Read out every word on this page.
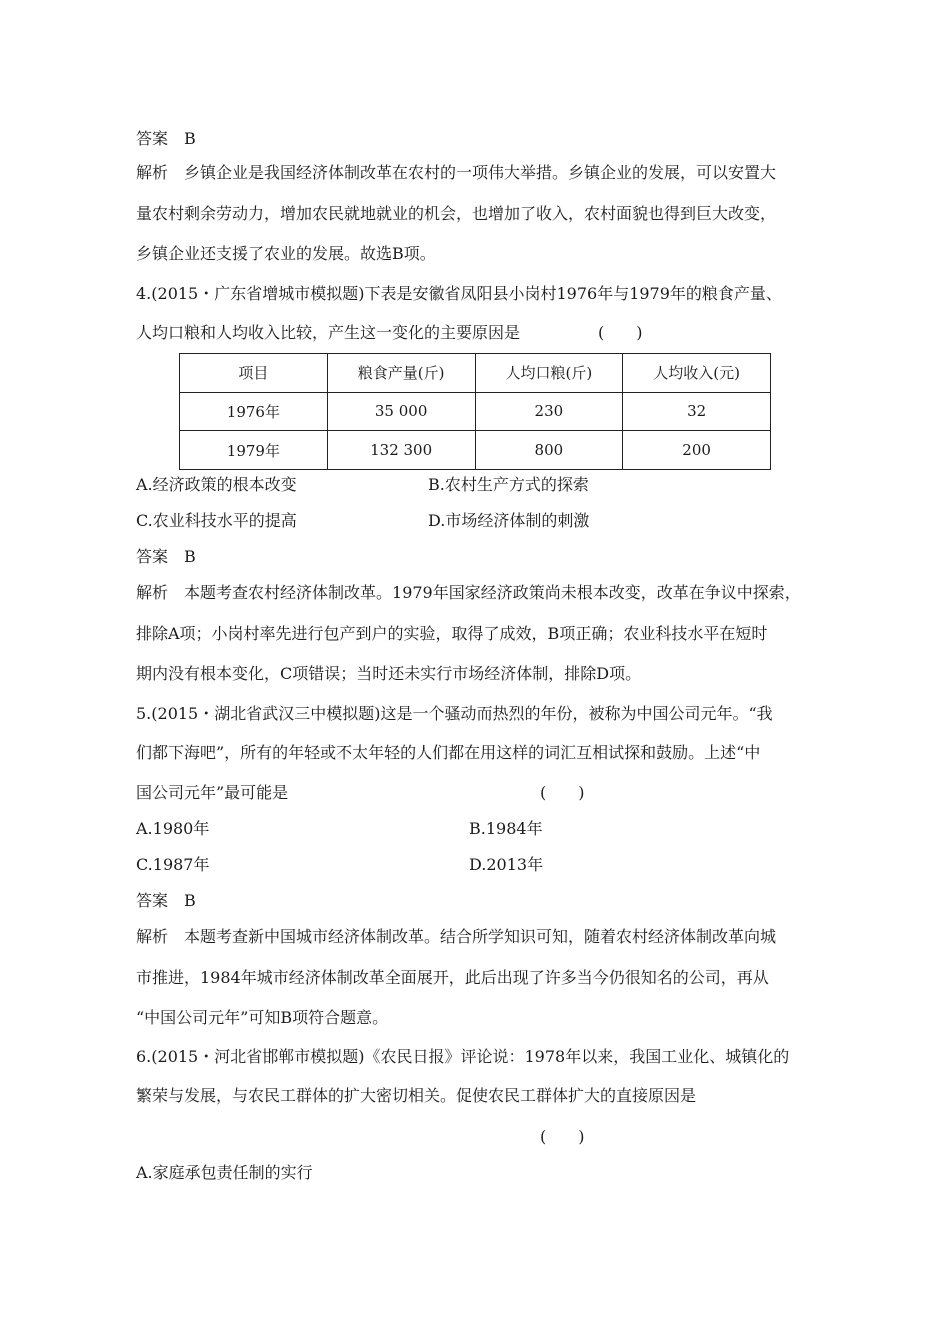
答案 B
解析 乡镇企业是我国经济体制改革在农村的一项伟大举措。乡镇企业的发展，可以安置大
量农村剩余劳动力，增加农民就地就业的机会，也增加了收入，农村面貌也得到巨大改变，
乡镇企业还支援了农业的发展。故选B项。
4.(2015・广东省增城市模拟题)下表是安徽省凤阳县小岗村1976年与1979年的粮食产量、
人均口粮和人均收入比较，产生这一变化的主要原因是	(　　)
项目	粮食产量(斤)	人均口粮(斤)	人均收入(元)
1976年	35 000	230	32
1979年	132 300	800	200
A.经济政策的根本改变	B.农村生产方式的探索
C.农业科技水平的提高	D.市场经济体制的刺激
答案 B
解析 本题考查农村经济体制改革。1979年国家经济政策尚未根本改变，改革在争议中探索，
排除A项；小岗村率先进行包产到户的实验，取得了成效，B项正确；农业科技水平在短时
期内没有根本变化，C项错误；当时还未实行市场经济体制，排除D项。
5.(2015・湖北省武汉三中模拟题)这是一个骚动而热烈的年份，被称为中国公司元年。“我
们都下海吧”，所有的年轻或不太年轻的人们都在用这样的词汇互相试探和鼓励。上述“中
国公司元年”最可能是	(　　)
A.1980年	B.1984年
C.1987年	D.2013年
答案 B
解析 本题考查新中国城市经济体制改革。结合所学知识可知，随着农村经济体制改革向城
市推进，1984年城市经济体制改革全面展开，此后出现了许多当今仍很知名的公司，再从
“中国公司元年”可知B项符合题意。
6.(2015・河北省邯郸市模拟题)《农民日报》评论说：1978年以来，我国工业化、城镇化的
繁荣与发展，与农民工群体的扩大密切相关。促使农民工群体扩大的直接原因是
(　　)
A.家庭承包责任制的实行
